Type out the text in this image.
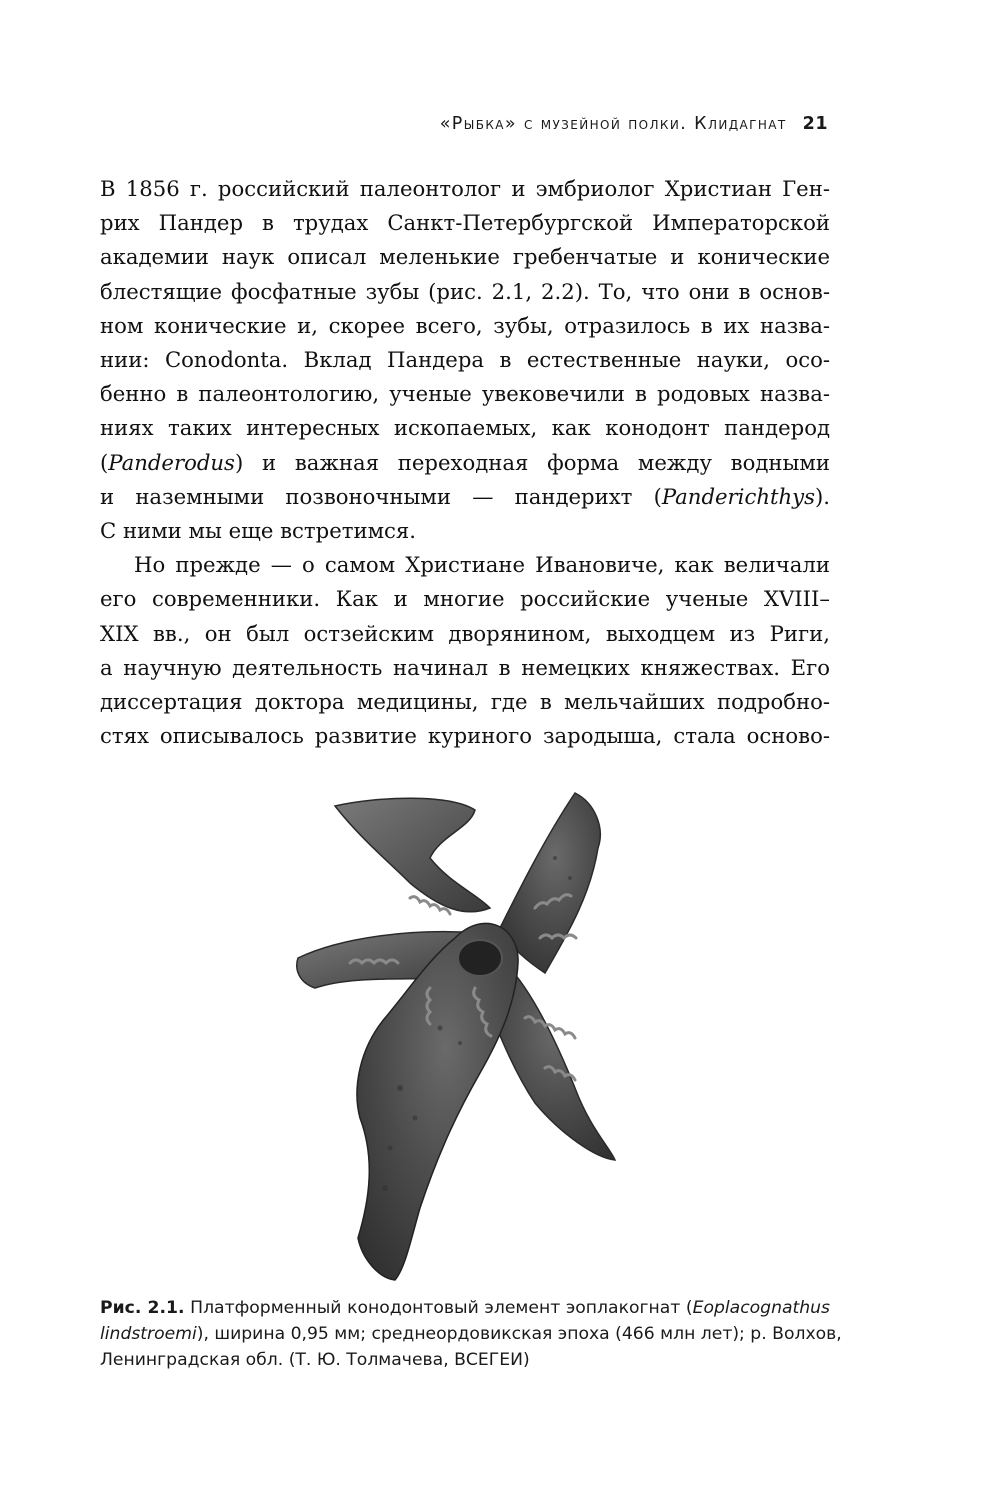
«Рыбка» с музейной полки. Клидагнат 21

В 1856 г. российский палеонтолог и эмбриолог Христиан Ген-
рих Пандер в трудах Санкт-Петербургской Императорской
академии наук описал меленькие гребенчатые и конические
блестящие фосфатные зубы (рис. 2.1, 2.2). То, что они в основ-
ном конические и, скорее всего, зубы, отразилось в их назва-
нии: Conodonta. Вклад Пандера в естественные науки, осо-
бенно в палеонтологию, ученые увековечили в родовых назва-
ниях таких интересных ископаемых, как конодонт пандерод
(Panderodus) и важная переходная форма между водными
и наземными позвоночными — пандерихт (Panderichthys).
С ними мы еще встретимся.

Но прежде — о самом Христиане Ивановиче, как величали
его современники. Как и многие российские ученые XVIII–
XIX вв., он был остзейским дворянином, выходцем из Риги,
а научную деятельность начинал в немецких княжествах. Его
диссертация доктора медицины, где в мельчайших подробно-
стях описывалось развитие куриного зародыша, стала осново-

Рис. 2.1. Платформенный конодонтовый элемент эоплакогнат (Eoplacognathus
lindstroemi), ширина 0,95 мм; среднеордовикская эпоха (466 млн лет); р. Волхов,
Ленинградская обл. (Т. Ю. Толмачева, ВСЕГЕИ)
